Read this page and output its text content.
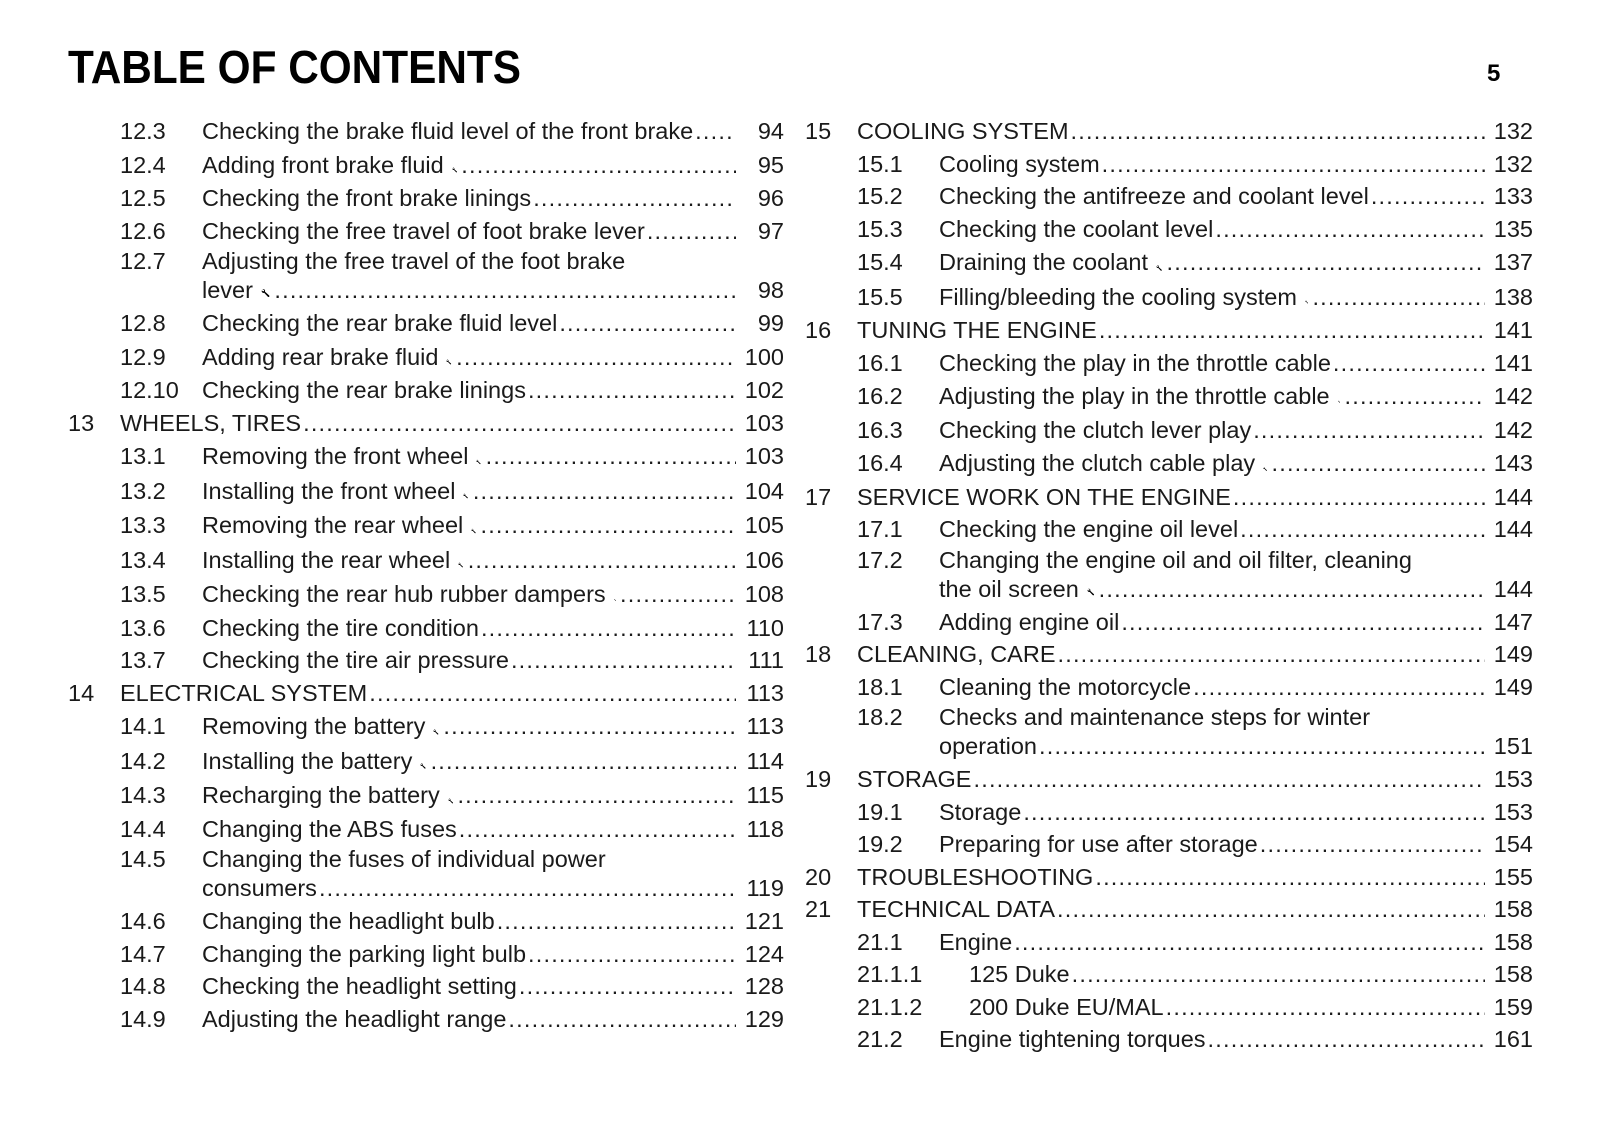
TABLE OF CONTENTS	5
12.3	Checking the brake fluid level of the front brake .....	94
12.4	Adding front brake fluid .....	95
12.5	Checking the front brake linings .....	96
12.6	Checking the free travel of foot brake lever .....	97
12.7	Adjusting the free travel of the foot brake
lever .....	98
12.8	Checking the rear brake fluid level .....	99
12.9	Adding rear brake fluid .....	100
12.10 Checking the rear brake linings .....	102
13	WHEELS, TIRES .....	103
13.1	Removing the front wheel .....	103
13.2	Installing the front wheel .....	104
13.3	Removing the rear wheel .....	105
13.4	Installing the rear wheel .....	106
13.5	Checking the rear hub rubber dampers .....	108
13.6	Checking the tire condition .....	110
13.7	Checking the tire air pressure .....	111
14	ELECTRICAL SYSTEM .....	113
14.1	Removing the battery .....	113
14.2	Installing the battery .....	114
14.3	Recharging the battery .....	115
14.4	Changing the ABS fuses .....	118
14.5	Changing the fuses of individual power
consumers .....	119
14.6	Changing the headlight bulb .....	121
14.7	Changing the parking light bulb .....	124
14.8	Checking the headlight setting .....	128
14.9	Adjusting the headlight range .....	129
15	COOLING SYSTEM .....	132
15.1	Cooling system .....	132
15.2	Checking the antifreeze and coolant level .....	133
15.3	Checking the coolant level .....	135
15.4	Draining the coolant .....	137
15.5	Filling/bleeding the cooling system .....	138
16	TUNING THE ENGINE .....	141
16.1	Checking the play in the throttle cable .....	141
16.2	Adjusting the play in the throttle cable .....	142
16.3	Checking the clutch lever play .....	142
16.4	Adjusting the clutch cable play .....	143
17	SERVICE WORK ON THE ENGINE .....	144
17.1	Checking the engine oil level .....	144
17.2	Changing the engine oil and oil filter, cleaning
the oil screen .....	144
17.3	Adding engine oil .....	147
18	CLEANING, CARE .....	149
18.1	Cleaning the motorcycle .....	149
18.2	Checks and maintenance steps for winter
operation .....	151
19	STORAGE .....	153
19.1	Storage .....	153
19.2	Preparing for use after storage .....	154
20	TROUBLESHOOTING .....	155
21	TECHNICAL DATA .....	158
21.1	Engine .....	158
21.1.1	125 Duke .....	158
21.1.2	200 Duke EU/MAL .....	159
21.2	Engine tightening torques .....	161
